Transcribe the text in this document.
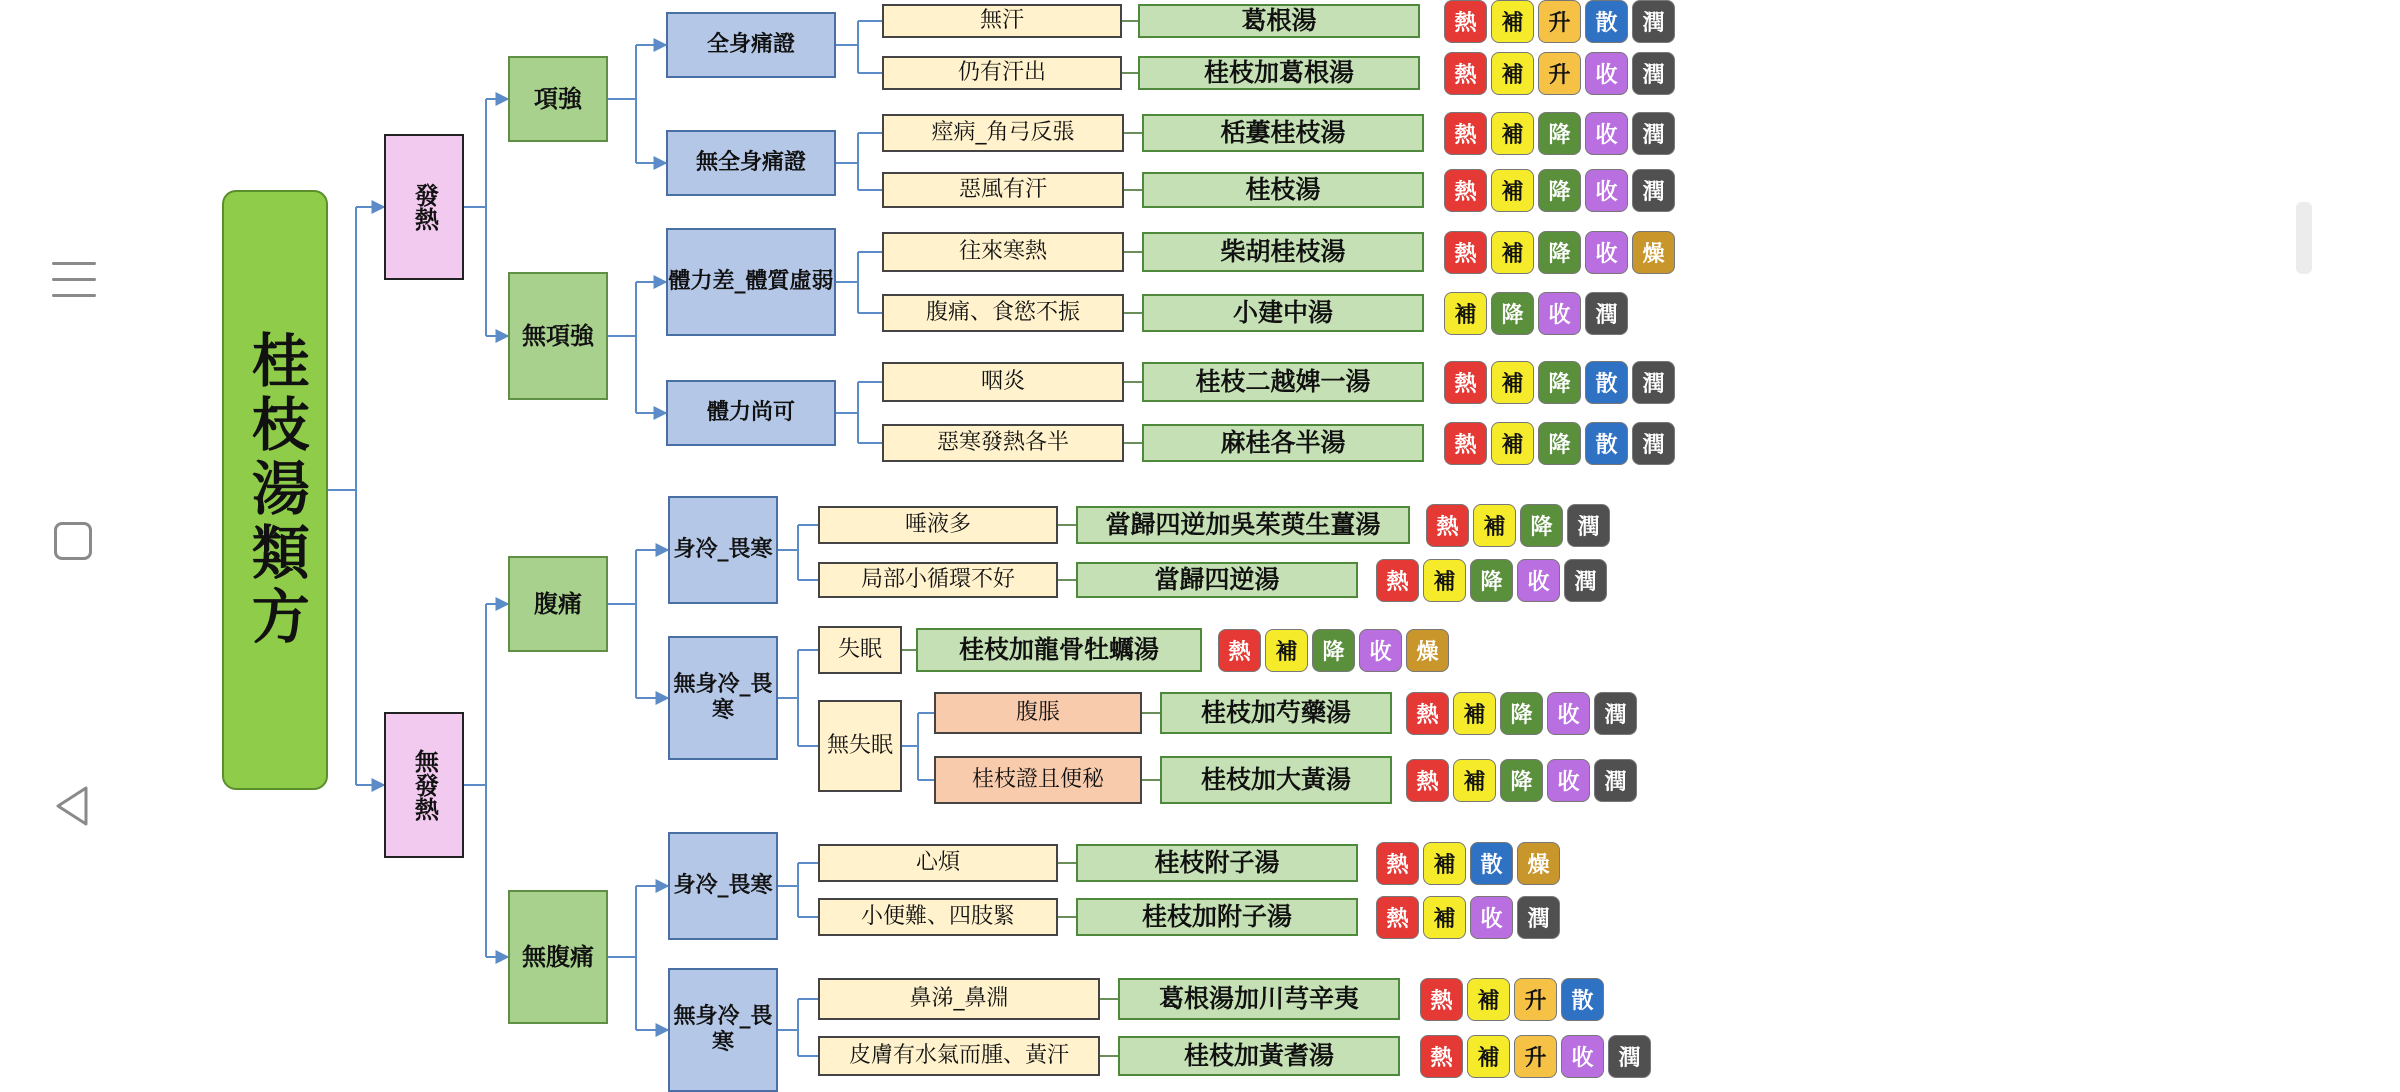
桂枝湯類方
發熱
無發熱
項強
無項強
腹痛
無腹痛
全身痛證
無全身痛證
體力差_體質虛弱
體力尚可
身冷_畏寒
無身冷_畏寒
身冷_畏寒
無身冷_畏寒
失眠
無失眠
無汗	葛根湯	熱	補	升	散	潤
仍有汗出	桂枝加葛根湯	熱	補	升	收	潤
痙病_角弓反張	栝蔞桂枝湯	熱	補	降	收	潤
惡風有汗	桂枝湯	熱	補	降	收	潤
往來寒熱	柴胡桂枝湯	熱	補	降	收	燥
腹痛、食慾不振	小建中湯	補	降	收	潤
咽炎	桂枝二越婢一湯	熱	補	降	散	潤
惡寒發熱各半	麻桂各半湯	熱	補	降	散	潤
唾液多	當歸四逆加吳茱萸生薑湯	熱	補	降	潤
局部小循環不好	當歸四逆湯	熱	補	降	收	潤
桂枝加龍骨牡蠣湯	熱	補	降	收	燥
腹脹	桂枝加芍藥湯	熱	補	降	收	潤
桂枝證且便秘	桂枝加大黃湯	熱	補	降	收	潤
心煩	桂枝附子湯	熱	補	散	燥
小便難、四肢緊	桂枝加附子湯	熱	補	收	潤
鼻涕_鼻淵	葛根湯加川芎辛夷	熱	補	升	散
皮膚有水氣而腫、黃汗	桂枝加黃耆湯	熱	補	升	收	潤
